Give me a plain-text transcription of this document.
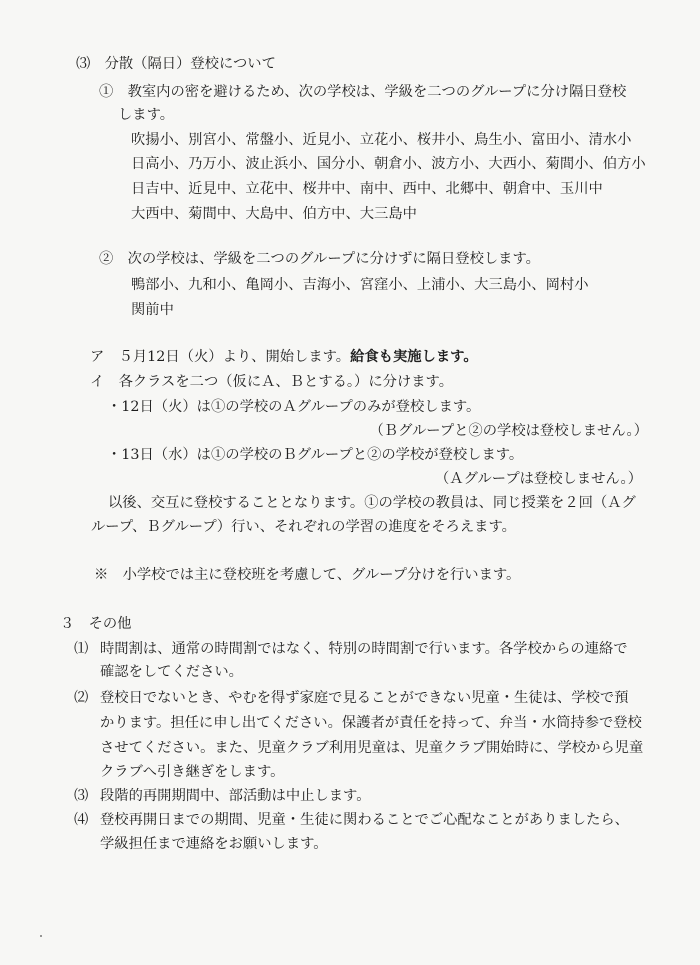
⑶　分散（隔日）登校について
①　教室内の密を避けるため、次の学校は、学級を二つのグループに分け隔日登校
します。
吹揚小、別宮小、常盤小、近見小、立花小、桜井小、鳥生小、富田小、清水小
日高小、乃万小、波止浜小、国分小、朝倉小、波方小、大西小、菊間小、伯方小
日吉中、近見中、立花中、桜井中、南中、西中、北郷中、朝倉中、玉川中
大西中、菊間中、大島中、伯方中、大三島中
②　次の学校は、学級を二つのグループに分けずに隔日登校します。
鴨部小、九和小、亀岡小、吉海小、宮窪小、上浦小、大三島小、岡村小
関前中
ア　５月12日（火）より、開始します。給食も実施します。
イ　各クラスを二つ（仮にＡ、Ｂとする。）に分けます。
・12日（火）は①の学校のＡグループのみが登校します。
（Ｂグループと②の学校は登校しません。）
・13日（水）は①の学校のＢグループと②の学校が登校します。
（Ａグループは登校しません。）
以後、交互に登校することとなります。①の学校の教員は、同じ授業を２回（Ａグ
ループ、Ｂグループ）行い、それぞれの学習の進度をそろえます。
※　小学校では主に登校班を考慮して、グループ分けを行います。
３　その他
⑴ 時間割は、通常の時間割ではなく、特別の時間割で行います。各学校からの連絡で
確認をしてください。
⑵ 登校日でないとき、やむを得ず家庭で見ることができない児童・生徒は、学校で預
かります。担任に申し出てください。保護者が責任を持って、弁当・水筒持参で登校
させてください。また、児童クラブ利用児童は、児童クラブ開始時に、学校から児童
クラブへ引き継ぎをします。
⑶ 段階的再開期間中、部活動は中止します。
⑷ 登校再開日までの期間、児童・生徒に関わることでご心配なことがありましたら、
学級担任まで連絡をお願いします。
